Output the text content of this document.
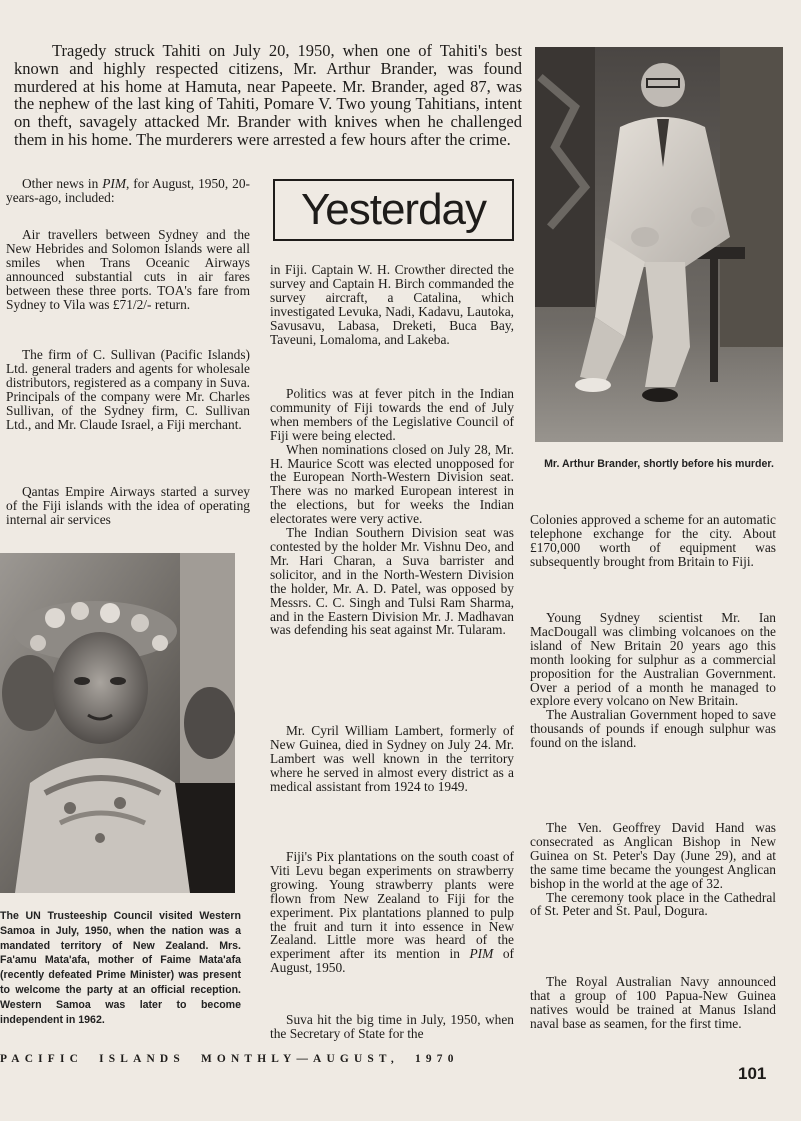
Tragedy struck Tahiti on July 20, 1950, when one of Tahiti's best known and highly respected citizens, Mr. Arthur Brander, was found murdered at his home at Hamuta, near Papeete. Mr. Brander, aged 87, was the nephew of the last king of Tahiti, Pomare V. Two young Tahitians, intent on theft, savagely attacked Mr. Brander with knives when he challenged them in his home. The murderers were arrested a few hours after the crime.

Other news in PIM, for August, 1950, 20-years-ago, included:

Air travellers between Sydney and the New Hebrides and Solomon Islands were all smiles when Trans Oceanic Airways announced substantial cuts in air fares between these three ports. TOA's fare from Sydney to Vila was £71/2/- return.

The firm of C. Sullivan (Pacific Islands) Ltd. general traders and agents for wholesale distributors, registered as a company in Suva. Principals of the company were Mr. Charles Sullivan, of the Sydney firm, C. Sullivan Ltd., and Mr. Claude Israel, a Fiji merchant.

Qantas Empire Airways started a survey of the Fiji islands with the idea of operating internal air services

The UN Trusteeship Council visited Western Samoa in July, 1950, when the nation was a mandated territory of New Zealand. Mrs. Fa'amu Mata'afa, mother of Faime Mata'afa (recently defeated Prime Minister) was present to welcome the party at an official reception. Western Samoa was later to become independent in 1962.
Yesterday

in Fiji. Captain W. H. Crowther directed the survey and Captain H. Birch commanded the survey aircraft, a Catalina, which investigated Levuka, Nadi, Kadavu, Lautoka, Savusavu, Labasa, Dreketi, Buca Bay, Taveuni, Lomaloma, and Lakeba.

Politics was at fever pitch in the Indian community of Fiji towards the end of July when members of the Legislative Council of Fiji were being elected.

When nominations closed on July 28, Mr. H. Maurice Scott was elected unopposed for the European North-Western Division seat. There was no marked European interest in the elections, but for weeks the Indian electorates were very active.

The Indian Southern Division seat was contested by the holder Mr. Vishnu Deo, and Mr. Hari Charan, a Suva barrister and solicitor, and in the North-Western Division the holder, Mr. A. D. Patel, was opposed by Messrs. C. C. Singh and Tulsi Ram Sharma, and in the Eastern Division Mr. J. Madhavan was defending his seat against Mr. Tularam.

Mr. Cyril William Lambert, formerly of New Guinea, died in Sydney on July 24. Mr. Lambert was well known in the territory where he served in almost every district as a medical assistant from 1924 to 1949.

Fiji's Pix plantations on the south coast of Viti Levu began experiments on strawberry growing. Young strawberry plants were flown from New Zealand to Fiji for the experiment. Pix plantations planned to pulp the fruit and turn it into essence in New Zealand. Little more was heard of the experiment after its mention in PIM of August, 1950.

Suva hit the big time in July, 1950, when the Secretary of State for the

Mr. Arthur Brander, shortly before his murder.

Colonies approved a scheme for an automatic telephone exchange for the city. About £170,000 worth of equipment was subsequently brought from Britain to Fiji.

Young Sydney scientist Mr. Ian MacDougall was climbing volcanoes on the island of New Britain 20 years ago this month looking for sulphur as a commercial proposition for the Australian Government. Over a period of a month he managed to explore every volcano on New Britain.

The Australian Government hoped to save thousands of pounds if enough sulphur was found on the island.

The Ven. Geoffrey David Hand was consecrated as Anglican Bishop in New Guinea on St. Peter's Day (June 29), and at the same time became the youngest Anglican bishop in the world at the age of 32.

The ceremony took place in the Cathedral of St. Peter and St. Paul, Dogura.

The Royal Australian Navy announced that a group of 100 Papua-New Guinea natives would be trained at Manus Island naval base as seamen, for the first time.

PACIFIC  ISLANDS  MONTHLY—AUGUST,  1970
101
